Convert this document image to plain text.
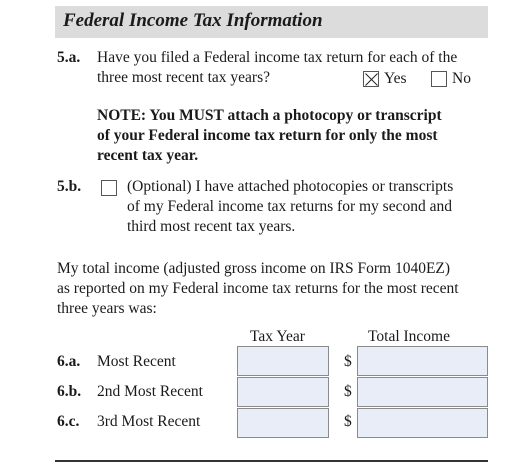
Federal Income Tax Information
5.a. Have you filed a Federal income tax return for each of the
three most recent tax years?	Yes	No
NOTE: You MUST attach a photocopy or transcript
of your Federal income tax return for only the most
recent tax year.
5.b.	(Optional) I have attached photocopies or transcripts
of my Federal income tax returns for my second and
third most recent tax years.
My total income (adjusted gross income on IRS Form 1040EZ)
as reported on my Federal income tax returns for the most recent
three years was:
Tax Year	Total Income
6.a. Most Recent	$
6.b. 2nd Most Recent	$
6.c. 3rd Most Recent	$
